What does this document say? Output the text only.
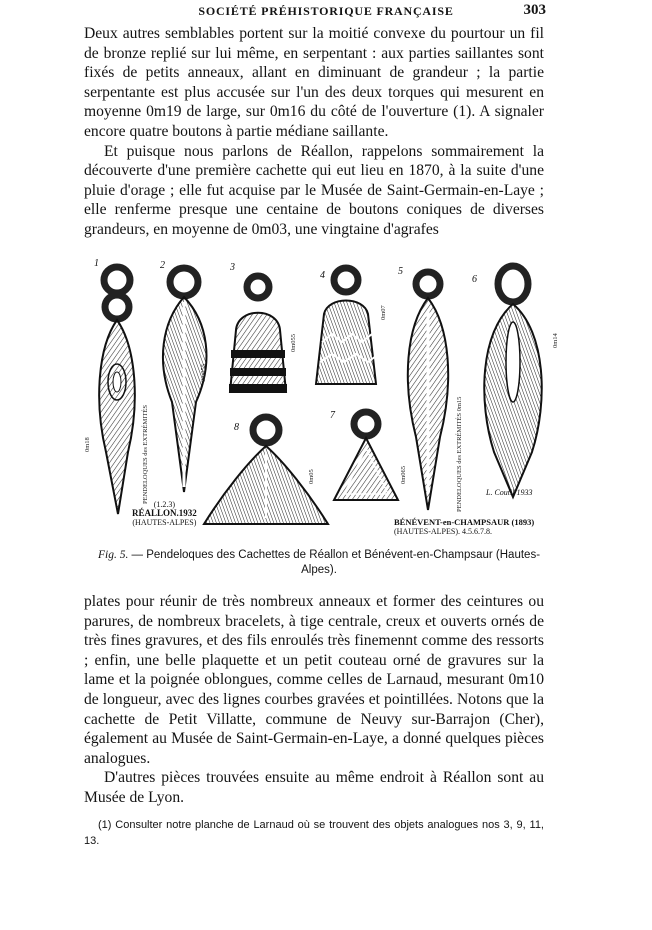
SOCIÉTÉ PRÉHISTORIQUE FRANÇAISE	303

Deux autres semblables portent sur la moitié convexe du pourtour un fil de bronze replié sur lui même, en serpentant : aux parties saillantes sont fixés de petits anneaux, allant en diminuant de grandeur ; la partie serpentante est plus accusée sur l'un des deux torques qui mesurent en moyenne 0m19 de large, sur 0m16 du côté de l'ouverture (1). A signaler encore quatre boutons à partie médiane saillante.

Et puisque nous parlons de Réallon, rappelons sommairement la découverte d'une première cachette qui eut lieu en 1870, à la suite d'une pluie d'orage ; elle fut acquise par le Musée de Saint-Germain-en-Laye ; elle renferme presque une centaine de boutons coniques de diverses grandeurs, en moyenne de 0m03, une vingtaine d'agrafes

1	2	3
4	5
6
7
8
PENDELOQUES des EXTRÉMITÉS	PENDELOQUES des EXTRÉMITÉS 0m15
0m18
0m055
0m055
0m07
0m14
0m065
0m05
(1.2.3)
RÉALLON.1932
(HAUTES-ALPES)	BÉNÉVENT-en-CHAMPSAUR (1893)
(HAUTES-ALPES). 4.5.6.7.8.
L. Coutil 1933
Fig. 5. — Pendeloques des Cachettes de Réallon et Bénévent-en-Champsaur (Hautes-Alpes).

plates pour réunir de très nombreux anneaux et former des ceintures ou parures, de nombreux bracelets, à tige centrale, creux et ouverts ornés de très fines gravures, et des fils enroulés très finemennt comme des ressorts ; enfin, une belle plaquette et un petit couteau orné de gravures sur la lame et la poignée oblongues, comme celles de Larnaud, mesurant 0m10 de longueur, avec des lignes courbes gravées et pointillées. Notons que la cachette de Petit Villatte, commune de Neuvy sur-Barrajon (Cher), également au Musée de Saint-Germain-en-Laye, a donné quelques pièces analogues.

D'autres pièces trouvées ensuite au même endroit à Réallon sont au Musée de Lyon.

(1) Consulter notre planche de Larnaud où se trouvent des objets analogues nos 3, 9, 11, 13.
